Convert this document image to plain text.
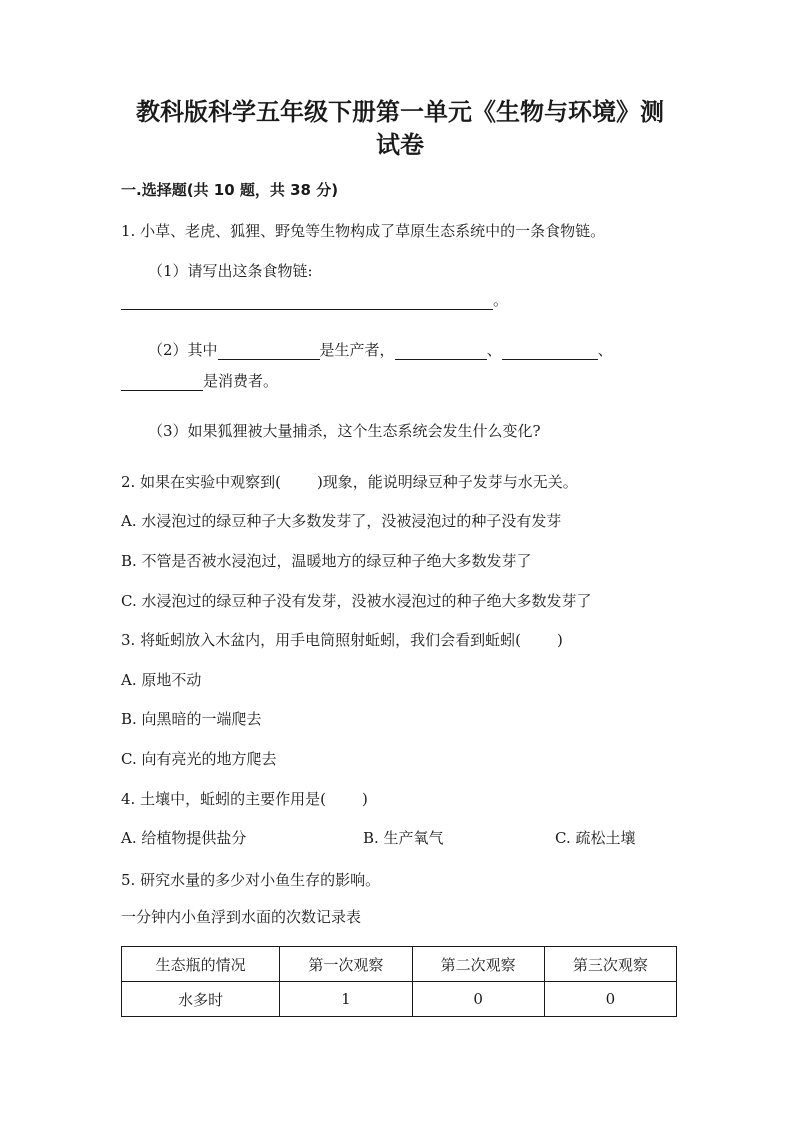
教科版科学五年级下册第一单元《生物与环境》测
试卷
一.选择题(共 10 题，共 38 分)
1. 小草、老虎、狐狸、野兔等生物构成了草原生态系统中的一条食物链。
（1）请写出这条食物链:
。
（2）其中	是生产者，	、	、
是消费者。
（3）如果狐狸被大量捕杀，这个生态系统会发生什么变化?
2. 如果在实验中观察到( )现象，能说明绿豆种子发芽与水无关。
A. 水浸泡过的绿豆种子大多数发芽了，没被浸泡过的种子没有发芽
B. 不管是否被水浸泡过，温暖地方的绿豆种子绝大多数发芽了
C. 水浸泡过的绿豆种子没有发芽，没被水浸泡过的种子绝大多数发芽了
3. 将蚯蚓放入木盆内，用手电筒照射蚯蚓，我们会看到蚯蚓( )
A. 原地不动
B. 向黑暗的一端爬去
C. 向有亮光的地方爬去
4. 土壤中，蚯蚓的主要作用是( )
A. 给植物提供盐分	B. 生产氧气	C. 疏松土壤
5. 研究水量的多少对小鱼生存的影响。
一分钟内小鱼浮到水面的次数记录表
生态瓶的情况	第一次观察	第二次观察	第三次观察
水多时	1	0	0
